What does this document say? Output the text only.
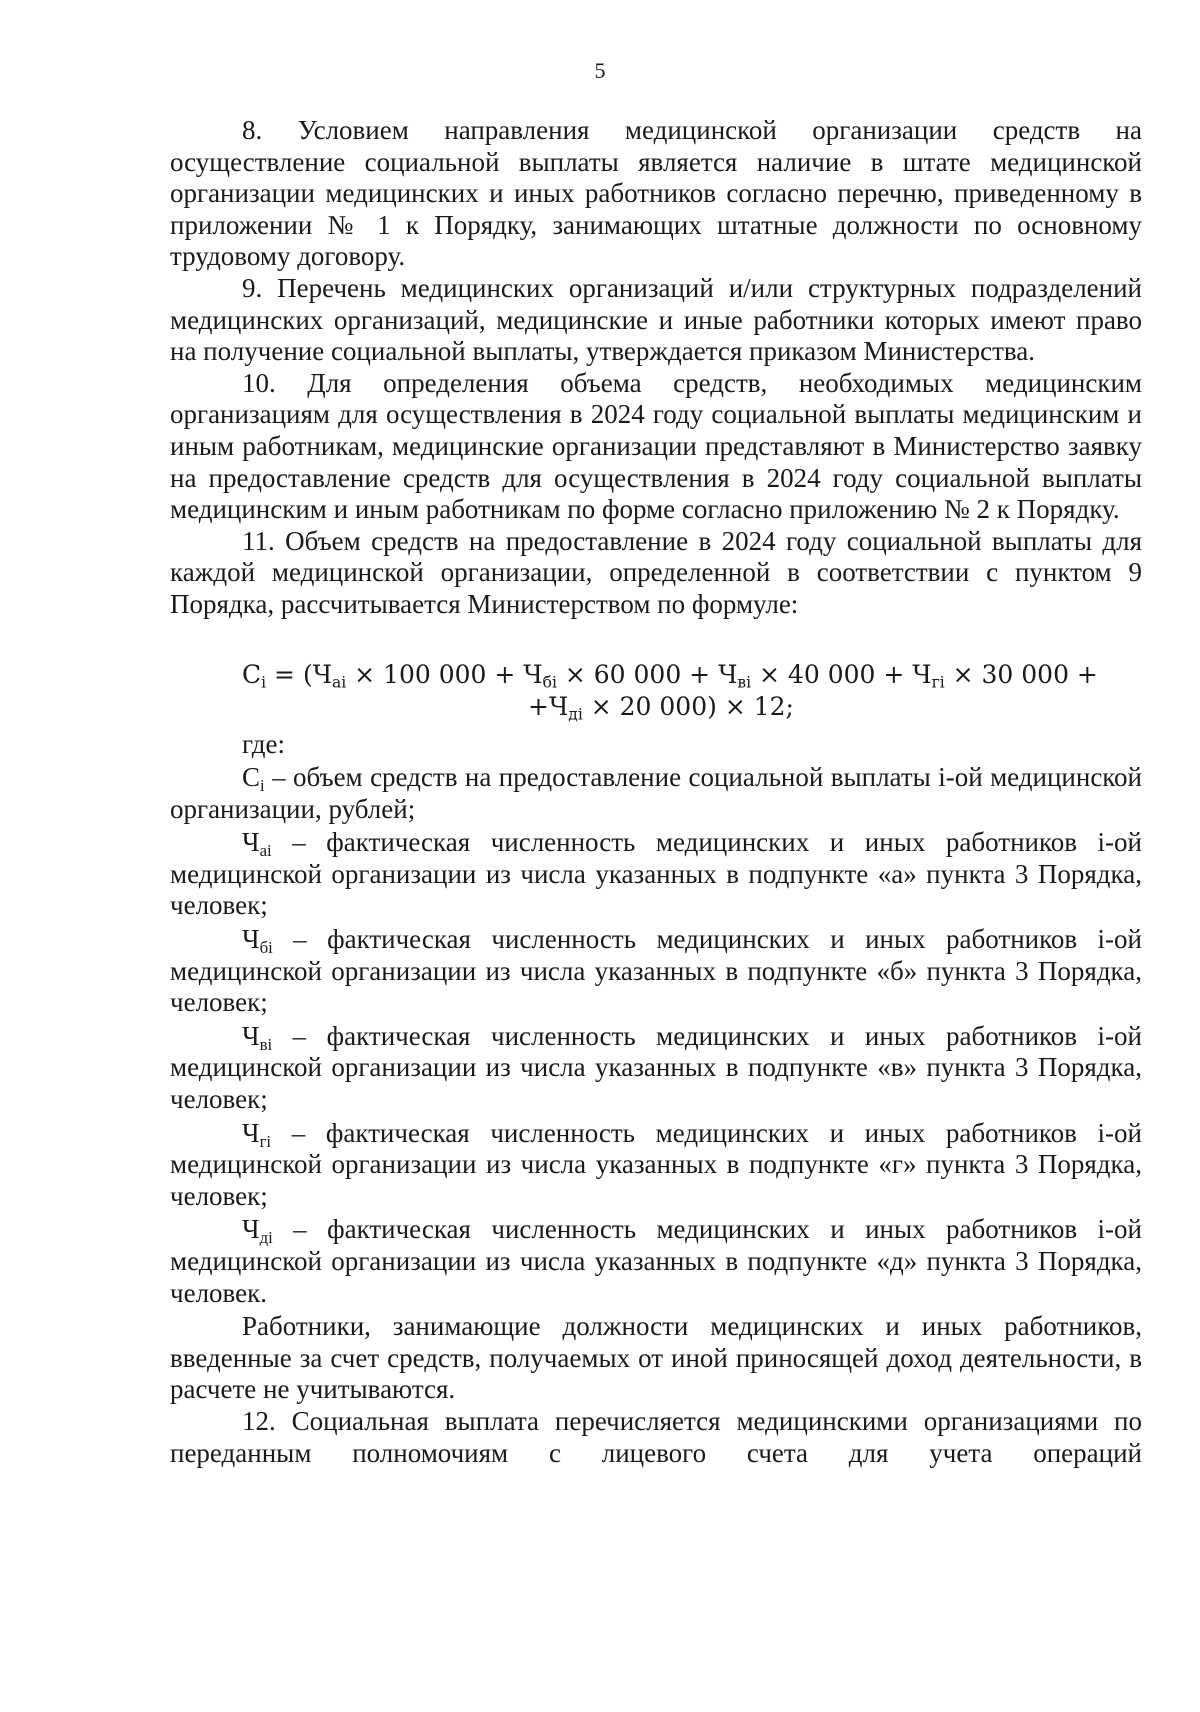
5

8. Условием направления медицинской организации средств на осуществление социальной выплаты является наличие в штате медицинской организации медицинских и иных работников согласно перечню, приведенному в приложении № 1 к Порядку, занимающих штатные должности по основному трудовому договору.

9. Перечень медицинских организаций и/или структурных подразделений медицинских организаций, медицинские и иные работники которых имеют право на получение социальной выплаты, утверждается приказом Министерства.

10. Для определения объема средств, необходимых медицинским организациям для осуществления в 2024 году социальной выплаты медицинским и иным работникам, медицинские организации представляют в Министерство заявку на предоставление средств для осуществления в 2024 году социальной выплаты медицинским и иным работникам по форме согласно приложению № 2 к Порядку.

11. Объем средств на предоставление в 2024 году социальной выплаты для каждой медицинской организации, определенной в соответствии с пунктом 9 Порядка, рассчитывается Министерством по формуле:

$С_i = (Ч_{аi} \times 100$ $000 + Ч_{бi} \times 60$ $000 + Ч_{вi} \times 40$ $000 + Ч_{гi} \times 30$ 000 +
$+Ч_{дi} \times 20$ 000) × 12;

где:

$С_i$ – объем средств на предоставление социальной выплаты i-ой медицинской организации, рублей;

$Ч_{аi}$ – фактическая численность медицинских и иных работников i-ой медицинской организации из числа указанных в подпункте «а» пункта 3 Порядка, человек;

$Ч_{бi}$ – фактическая численность медицинских и иных работников i-ой медицинской организации из числа указанных в подпункте «б» пункта 3 Порядка, человек;

$Ч_{вi}$ – фактическая численность медицинских и иных работников i-ой медицинской организации из числа указанных в подпункте «в» пункта 3 Порядка, человек;

$Ч_{гi}$ – фактическая численность медицинских и иных работников i-ой медицинской организации из числа указанных в подпункте «г» пункта 3 Порядка, человек;

$Ч_{дi}$ – фактическая численность медицинских и иных работников i-ой медицинской организации из числа указанных в подпункте «д» пункта 3 Порядка, человек.

Работники, занимающие должности медицинских и иных работников, введенные за счет средств, получаемых от иной приносящей доход деятельности, в расчете не учитываются.

12. Социальная выплата перечисляется медицинскими организациями по переданным полномочиям с лицевого счета для учета операций
